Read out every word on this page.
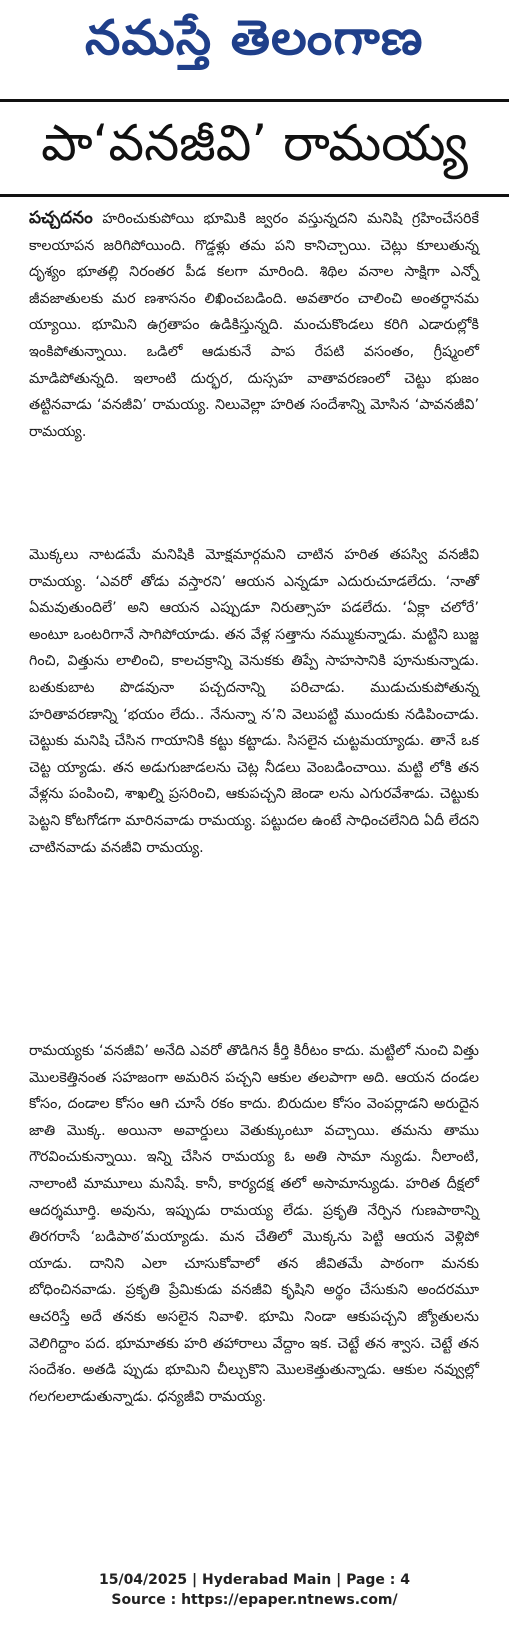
నమస్తే తెలంగాణ
పా‘వనజీవి’ రామయ్య

పచ్చదనం హరించుకుపోయి భూమికి జ్వరం వస్తున్నదని మనిషి గ్రహించేసరికే కాలయాపన జరిగిపోయింది. గొడ్డళ్లు తమ పని కానిచ్చాయి. చెట్లు కూలుతున్న దృశ్యం భూతల్లి నిరంతర పీడ కలగా మారింది. శిథిల వనాల సాక్షిగా ఎన్నో జీవజాతులకు మర ణశాసనం లిఖించబడింది. అవతారం చాలించి అంతర్ధానమ య్యాయి. భూమిని ఉగ్రతాపం ఉడికిస్తున్నది. మంచుకొండలు కరిగి ఎడారుల్లోకి ఇంకిపోతున్నాయి. ఒడిలో ఆడుకునే పాప రేపటి వసంతం, గ్రీష్మంలో మాడిపోతున్నది. ఇలాంటి దుర్భర, దుస్సహ వాతావరణంలో చెట్టు భుజం తట్టినవాడు ‘వనజీవి’ రామయ్య. నిలువెల్లా హరిత సందేశాన్ని మోసిన ‘పావనజీవి’ రామయ్య.

మొక్కలు నాటడమే మనిషికి మోక్షమార్గమని చాటిన హరిత తపస్వి వనజీవి రామయ్య. ‘ఎవరో తోడు వస్తారని’ ఆయన ఎన్నడూ ఎదురుచూడలేదు. ‘నాతో ఏమవుతుందిలే’ అని ఆయన ఎప్పుడూ నిరుత్సాహ పడలేదు. ‘ఏక్లా చలోరే’ అంటూ ఒంటరిగానే సాగిపోయాడు. తన వేళ్ల సత్తాను నమ్ముకున్నాడు. మట్టిని బుజ్జ గించి, విత్తును లాలించి, కాలచక్రాన్ని వెనుకకు తిప్పే సాహసానికి పూనుకున్నాడు. బతుకుబాట పొడవునా పచ్చదనాన్ని పరిచాడు. ముడుచుకుపోతున్న హరితావరణాన్ని ‘భయం లేదు.. నేనున్నా న’ని వెలుపట్టి ముందుకు నడిపించాడు. చెట్టుకు మనిషి చేసిన గాయానికి కట్టు కట్టాడు. సిసలైన చుట్టమయ్యాడు. తానే ఒక చెట్ట య్యాడు. తన అడుగుజాడలను చెట్ల నీడలు వెంబడించాయి. మట్టి లోకి తన వేళ్లను పంపించి, శాఖల్ని ప్రసరించి, ఆకుపచ్చని జెండా లను ఎగురవేశాడు. చెట్టుకు పెట్టని కోటగోడగా మారినవాడు రామయ్య. పట్టుదల ఉంటే సాధించలేనిది ఏదీ లేదని చాటినవాడు వనజీవి రామయ్య.

రామయ్యకు ‘వనజీవి’ అనేది ఎవరో తొడిగిన కీర్తి కిరీటం కాదు. మట్టిలో నుంచి విత్తు మొలకెత్తినంత సహజంగా అమరిన పచ్చని ఆకుల తలపాగా అది. ఆయన దండల కోసం, దండాల కోసం ఆగి చూసే రకం కాదు. బిరుదుల కోసం వెంపర్లాడని అరుదైన జాతి మొక్క. అయినా అవార్డులు వెతుక్కుంటూ వచ్చాయి. తమను తాము గౌరవించుకున్నాయి. ఇన్ని చేసిన రామయ్య ఓ అతి సామా న్యుడు. నీలాంటి, నాలాంటి మామూలు మనిషే. కానీ, కార్యదక్ష తలో అసామాన్యుడు. హరిత దీక్షలో ఆదర్శమూర్తి. అవును, ఇప్పుడు రామయ్య లేడు. ప్రకృతి నేర్పిన గుణపాఠాన్ని తిరగరాసే ‘బడిపాఠ’మయ్యాడు. మన చేతిలో మొక్కను పెట్టి ఆయన వెళ్లిపో యాడు. దానిని ఎలా చూసుకోవాలో తన జీవితమే పాఠంగా మనకు బోధించినవాడు. ప్రకృతి ప్రేమికుడు వనజీవి కృషిని అర్థం చేసుకుని అందరమూ ఆచరిస్తే అదే తనకు అసలైన నివాళి. భూమి నిండా ఆకుపచ్చని జ్యోతులను వెలిగిద్దాం పద. భూమాతకు హరి తహారాలు వేద్దాం ఇక. చెట్టే తన శ్వాస. చెట్టే తన సందేశం. అతడి ప్పుడు భూమిని చీల్చుకొని మొలకెత్తుతున్నాడు. ఆకుల నవ్వుల్లో గలగలలాడుతున్నాడు. ధన్యజీవి రామయ్య.

15/04/2025 | Hyderabad Main | Page : 4
Source : https://epaper.ntnews.com/
